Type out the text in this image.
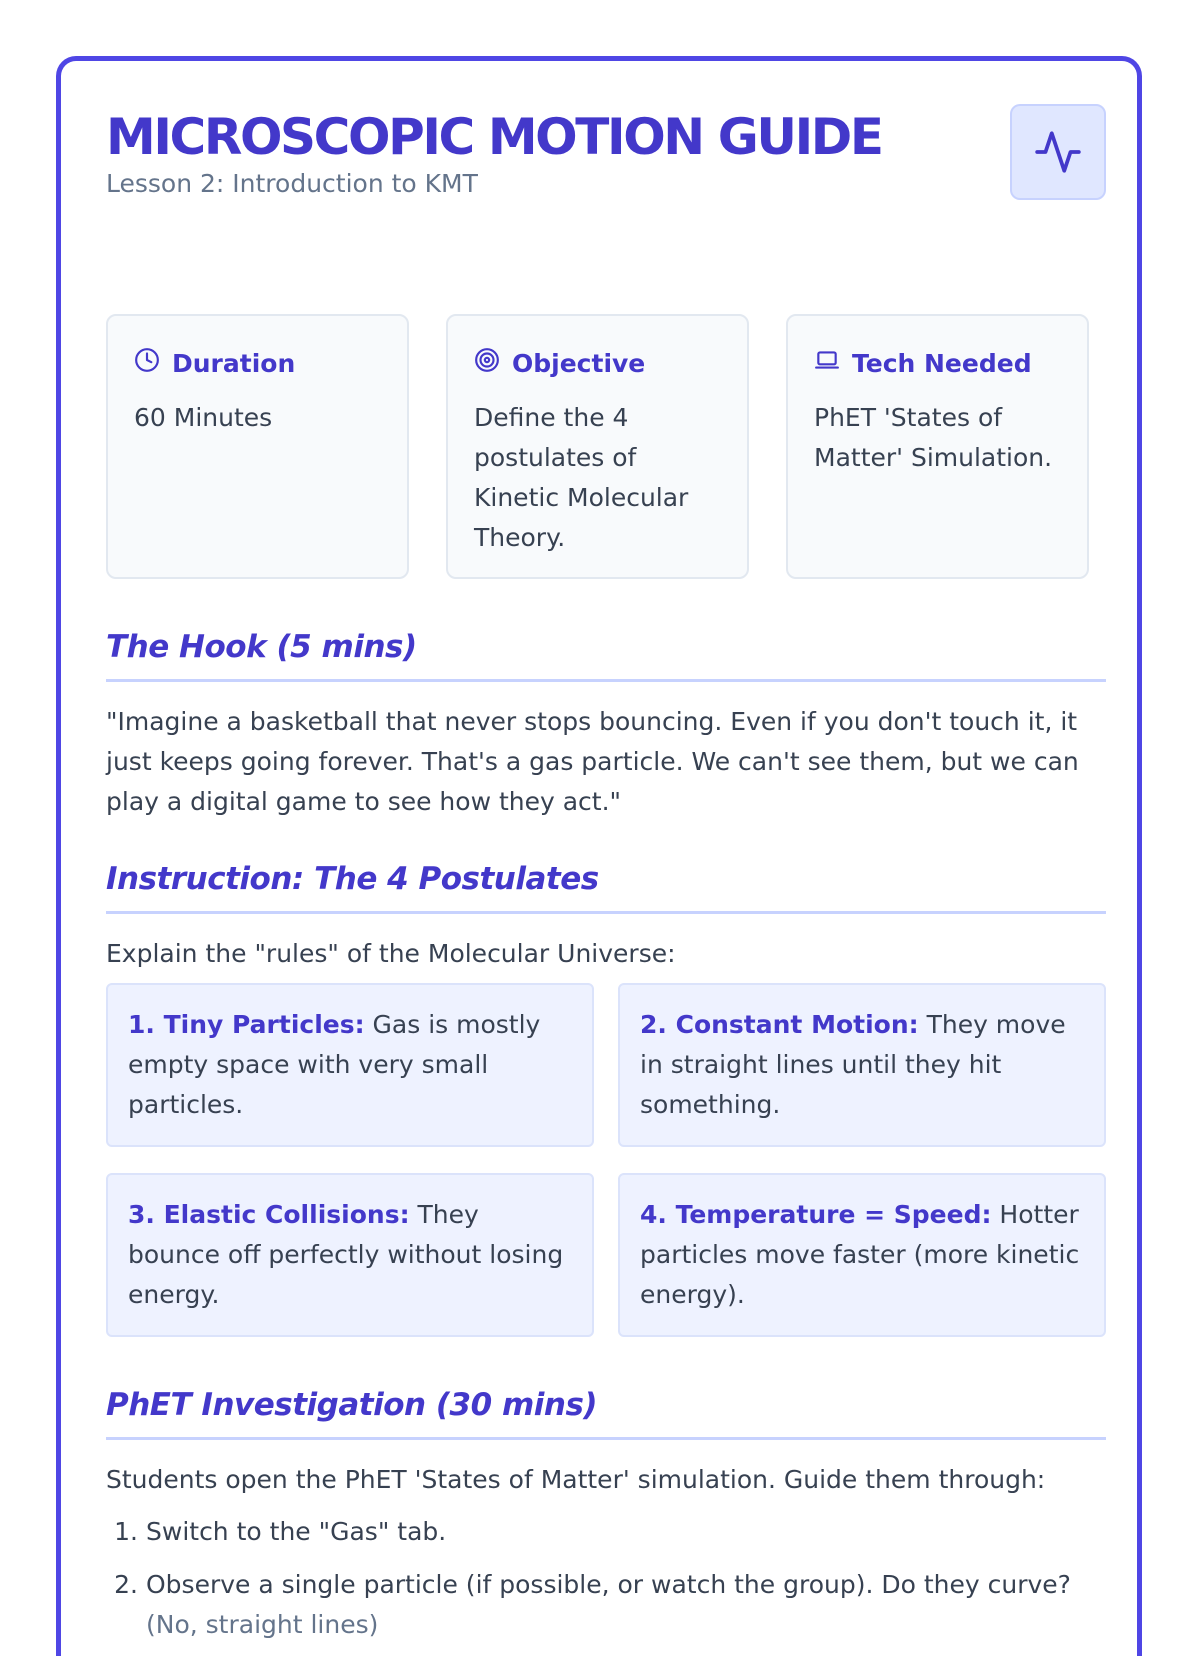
MICROSCOPIC MOTION GUIDE
Lesson 2: Introduction to KMT
Duration
60 Minutes
Objective
Define the 4 postulates of Kinetic Molecular Theory.
Tech Needed
PhET 'States of Matter' Simulation.
The Hook (5 mins)
"Imagine a basketball that never stops bouncing. Even if you don't touch it, it just keeps going forever. That's a gas particle. We can't see them, but we can play a digital game to see how they act."
Instruction: The 4 Postulates
Explain the "rules" of the Molecular Universe:
1. Tiny Particles: Gas is mostly empty space with very small particles.
2. Constant Motion: They move in straight lines until they hit something.
3. Elastic Collisions: They bounce off perfectly without losing energy.
4. Temperature = Speed: Hotter particles move faster (more kinetic energy).
PhET Investigation (30 mins)
Students open the PhET 'States of Matter' simulation. Guide them through:
1. Switch to the "Gas" tab.
2. Observe a single particle (if possible, or watch the group). Do they curve? (No, straight lines)
